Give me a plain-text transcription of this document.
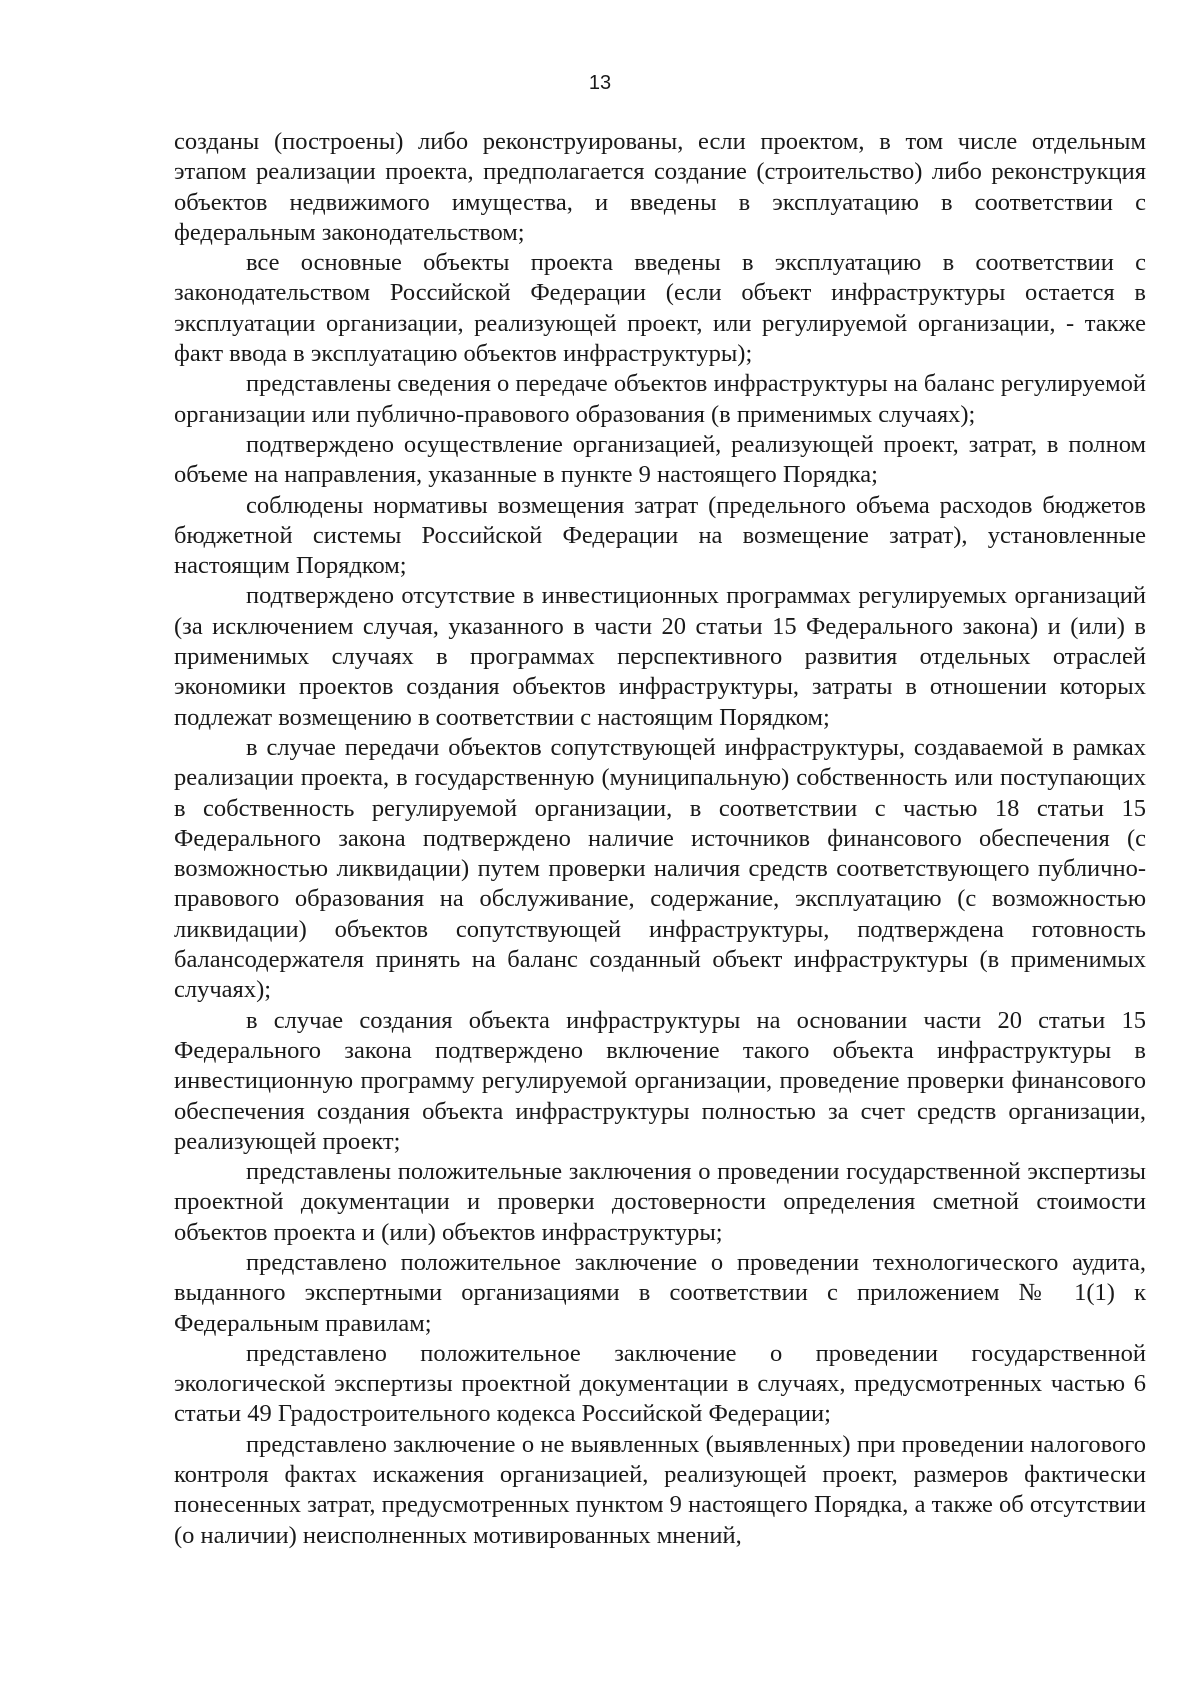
13

созданы (построены) либо реконструированы, если проектом, в том числе отдельным этапом реализации проекта, предполагается создание (строительство) либо реконструкция объектов недвижимого имущества, и введены в эксплуатацию в соответствии с федеральным законодательством;

все основные объекты проекта введены в эксплуатацию в соответствии с законодательством Российской Федерации (если объект инфраструктуры остается в эксплуатации организации, реализующей проект, или регулируемой организации, - также факт ввода в эксплуатацию объектов инфраструктуры);

представлены сведения о передаче объектов инфраструктуры на баланс регулируемой организации или публично-правового образования (в применимых случаях);

подтверждено осуществление организацией, реализующей проект, затрат, в полном объеме на направления, указанные в пункте 9 настоящего Порядка;

соблюдены нормативы возмещения затрат (предельного объема расходов бюджетов бюджетной системы Российской Федерации на возмещение затрат), установленные настоящим Порядком;

подтверждено отсутствие в инвестиционных программах регулируемых организаций (за исключением случая, указанного в части 20 статьи 15 Федерального закона) и (или) в применимых случаях в программах перспективного развития отдельных отраслей экономики проектов создания объектов инфраструктуры, затраты в отношении которых подлежат возмещению в соответствии с настоящим Порядком;

в случае передачи объектов сопутствующей инфраструктуры, создаваемой в рамках реализации проекта, в государственную (муниципальную) собственность или поступающих в собственность регулируемой организации, в соответствии с частью 18 статьи 15 Федерального закона подтверждено наличие источников финансового обеспечения (с возможностью ликвидации) путем проверки наличия средств соответствующего публично-правового образования на обслуживание, содержание, эксплуатацию (с возможностью ликвидации) объектов сопутствующей инфраструктуры, подтверждена готовность балансодержателя принять на баланс созданный объект инфраструктуры (в применимых случаях);

в случае создания объекта инфраструктуры на основании части 20 статьи 15 Федерального закона подтверждено включение такого объекта инфраструктуры в инвестиционную программу регулируемой организации, проведение проверки финансового обеспечения создания объекта инфраструктуры полностью за счет средств организации, реализующей проект;

представлены положительные заключения о проведении государственной экспертизы проектной документации и проверки достоверности определения сметной стоимости объектов проекта и (или) объектов инфраструктуры;

представлено положительное заключение о проведении технологического аудита, выданного экспертными организациями в соответствии с приложением № 1(1) к Федеральным правилам;

представлено положительное заключение о проведении государственной экологической экспертизы проектной документации в случаях, предусмотренных частью 6 статьи 49 Градостроительного кодекса Российской Федерации;

представлено заключение о не выявленных (выявленных) при проведении налогового контроля фактах искажения организацией, реализующей проект, размеров фактически понесенных затрат, предусмотренных пунктом 9 настоящего Порядка, а также об отсутствии (о наличии) неисполненных мотивированных мнений,
